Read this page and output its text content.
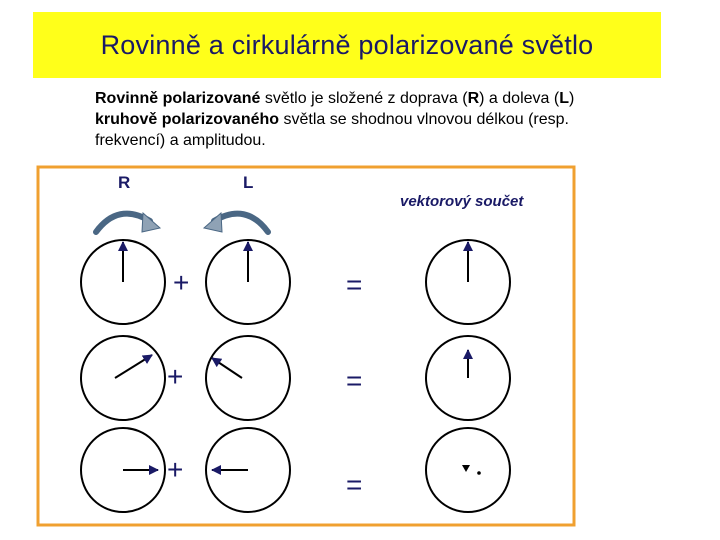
Rovinně a cirkulárně polarizované světlo
Rovinně polarizované světlo je složené z doprava (R) a doleva (L) kruhově polarizovaného světla se shodnou vlnovou délkou (resp. frekvencí) a amplitudou.
R	L
vektorový součet
+	=
+	=
+	=
